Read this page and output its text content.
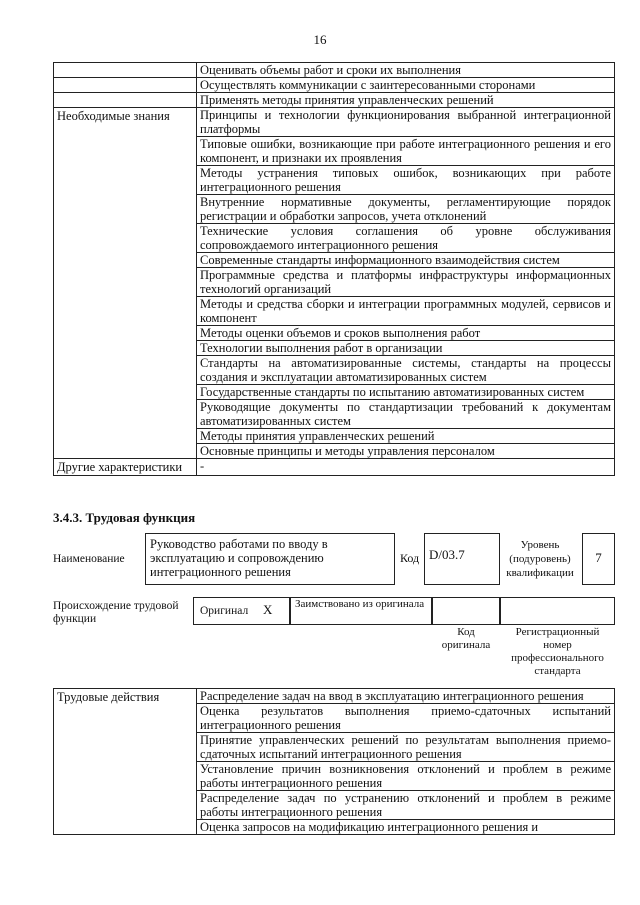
16
	Оценивать объемы работ и сроки их выполнения
	Осуществлять коммуникации с заинтересованными сторонами
	Применять методы принятия управленческих решений
Необходимые знания	Принципы и технологии функционирования выбранной интеграционной платформы
	Типовые ошибки, возникающие при работе интеграционного решения и его компонент, и признаки их проявления
	Методы устранения типовых ошибок, возникающих при работе интеграционного решения
	Внутренние нормативные документы, регламентирующие порядок регистрации и обработки запросов, учета отклонений
	Технические условия соглашения об уровне обслуживания сопровождаемого интеграционного решения
	Современные стандарты информационного взаимодействия систем
	Программные средства и платформы инфраструктуры информационных технологий организаций
	Методы и средства сборки и интеграции программных модулей, сервисов и компонент
	Методы оценки объемов и сроков выполнения работ
	Технологии выполнения работ в организации
	Стандарты на автоматизированные системы, стандарты на процессы создания и эксплуатации автоматизированных систем
	Государственные стандарты по испытанию автоматизированных систем
	Руководящие документы по стандартизации требований к документам автоматизированных систем
	Методы принятия управленческих решений
	Основные принципы и методы управления персоналом
Другие характеристики	-
3.4.3. Трудовая функция
Наименование
Руководство работами по вводу в эксплуатацию и сопровождению интеграционного решения
Код D/03.7
Уровень (подуровень) квалификации
7
Происхождение трудовой функции
Оригинал X Заимствовано из оригинала
Код оригинала
Регистрационный номер профессионального стандарта
Трудовые действия	Распределение задач на ввод в эксплуатацию интеграционного решения
Оценка результатов выполнения приемо-сдаточных испытаний интеграционного решения
Принятие управленческих решений по результатам выполнения приемо-сдаточных испытаний интеграционного решения
Установление причин возникновения отклонений и проблем в режиме работы интеграционного решения
Распределение задач по устранению отклонений и проблем в режиме работы интеграционного решения
Оценка запросов на модификацию интеграционного решения и
